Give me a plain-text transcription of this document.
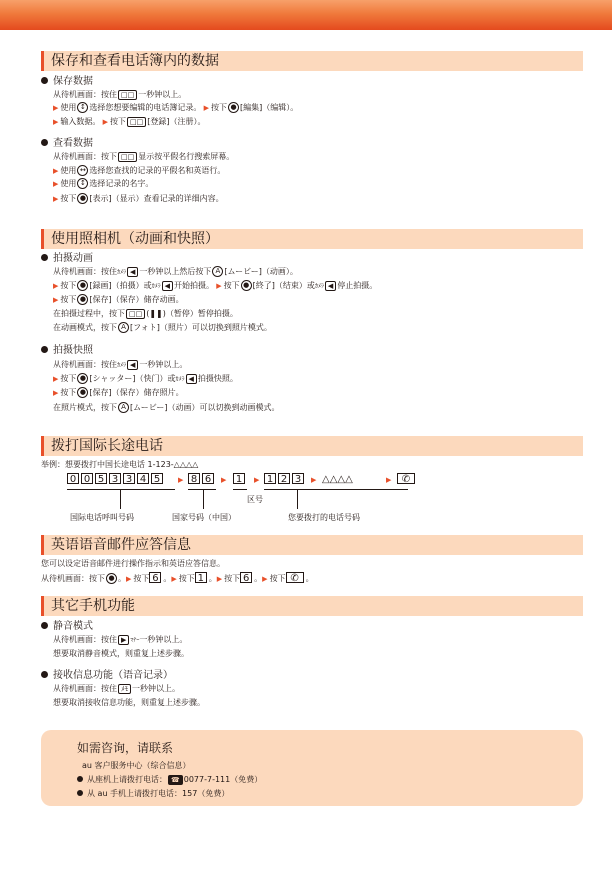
保存和查看电话簿内的数据
保存数据
从待机画面：按住 □□ 一秒钟以上。
▶ 使用 ↕ 选择您想要编辑的电话簿记录。 ▶ 按下 ● [編集]（编辑）。
▶ 输入数据。 ▶ 按下 □□ [登録]（注册）。
查看数据
从待机画面：按下 □□ 显示按平假名行搜索屏幕。
▶ 使用 ↔ 选择您查找的记录的平假名和英语行。
▶ 使用 ↕ 选择记录的名字。
▶ 按下 ● [表示]（显示）查看记录的详细内容。
使用照相机（动画和快照）
拍摄动画
从待机画面：按住ｶﾒﾗ ◀ 一秒钟以上然后按下 A [ムービー]（动画）。
▶ 按下 ● [録画]（拍摄）或ｶﾒﾗ ◀ 开始拍摄。 ▶ 按下 ● [終了]（结束）或ｶﾒﾗ ◀ 停止拍摄。
▶ 按下 ● [保存]（保存）储存动画。
在拍摄过程中，按下 □□ (❚❚)（暂停）暂停拍摄。
在动画模式，按下 A [フォト]（照片）可以切换到照片模式。
拍摄快照
从待机画面：按住ｶﾒﾗ ◀ 一秒钟以上。
▶ 按下 ● [シャッター]（快门）或ｶﾒﾗ ◀ 拍摄快照。
▶ 按下 ● [保存]（保存）储存照片。
在照片模式，按下 A [ムービー]（动画）可以切换到动画模式。
拨打国际长途电话
举例：想要拨打中国长途电话 1-123-△△△△
0 0 5 3 3 4 5	▶ 8 6	▶ 1	▶ 1 2 3	▶ △△△△	▶	✆
区号
国际电话呼叫号码	国家号码（中国）	您要拨打的电话号码
英语语音邮件应答信息
您可以设定语音邮件进行操作指示和英语应答信息。
从待机画面：按下 ● 。▶ 按下 6 。▶ 按下 1 。▶ 按下 6 。▶ 按下 ✆ 。
其它手机功能
静音模式
从待机画面：按住 ▶ ﾏﾅｰ一秒钟以上。
想要取消静音模式，则重复上述步骤。
接收信息功能（语音记录）
从待机画面：按住 ﾒﾓ 一秒钟以上。
想要取消接收信息功能，则重复上述步骤。
如需咨询，请联系
au 客户服务中心（综合信息）
从座机上请拨打电话： ☎ 0077-7-111（免费）
从 au 手机上请拨打电话：157（免费）
